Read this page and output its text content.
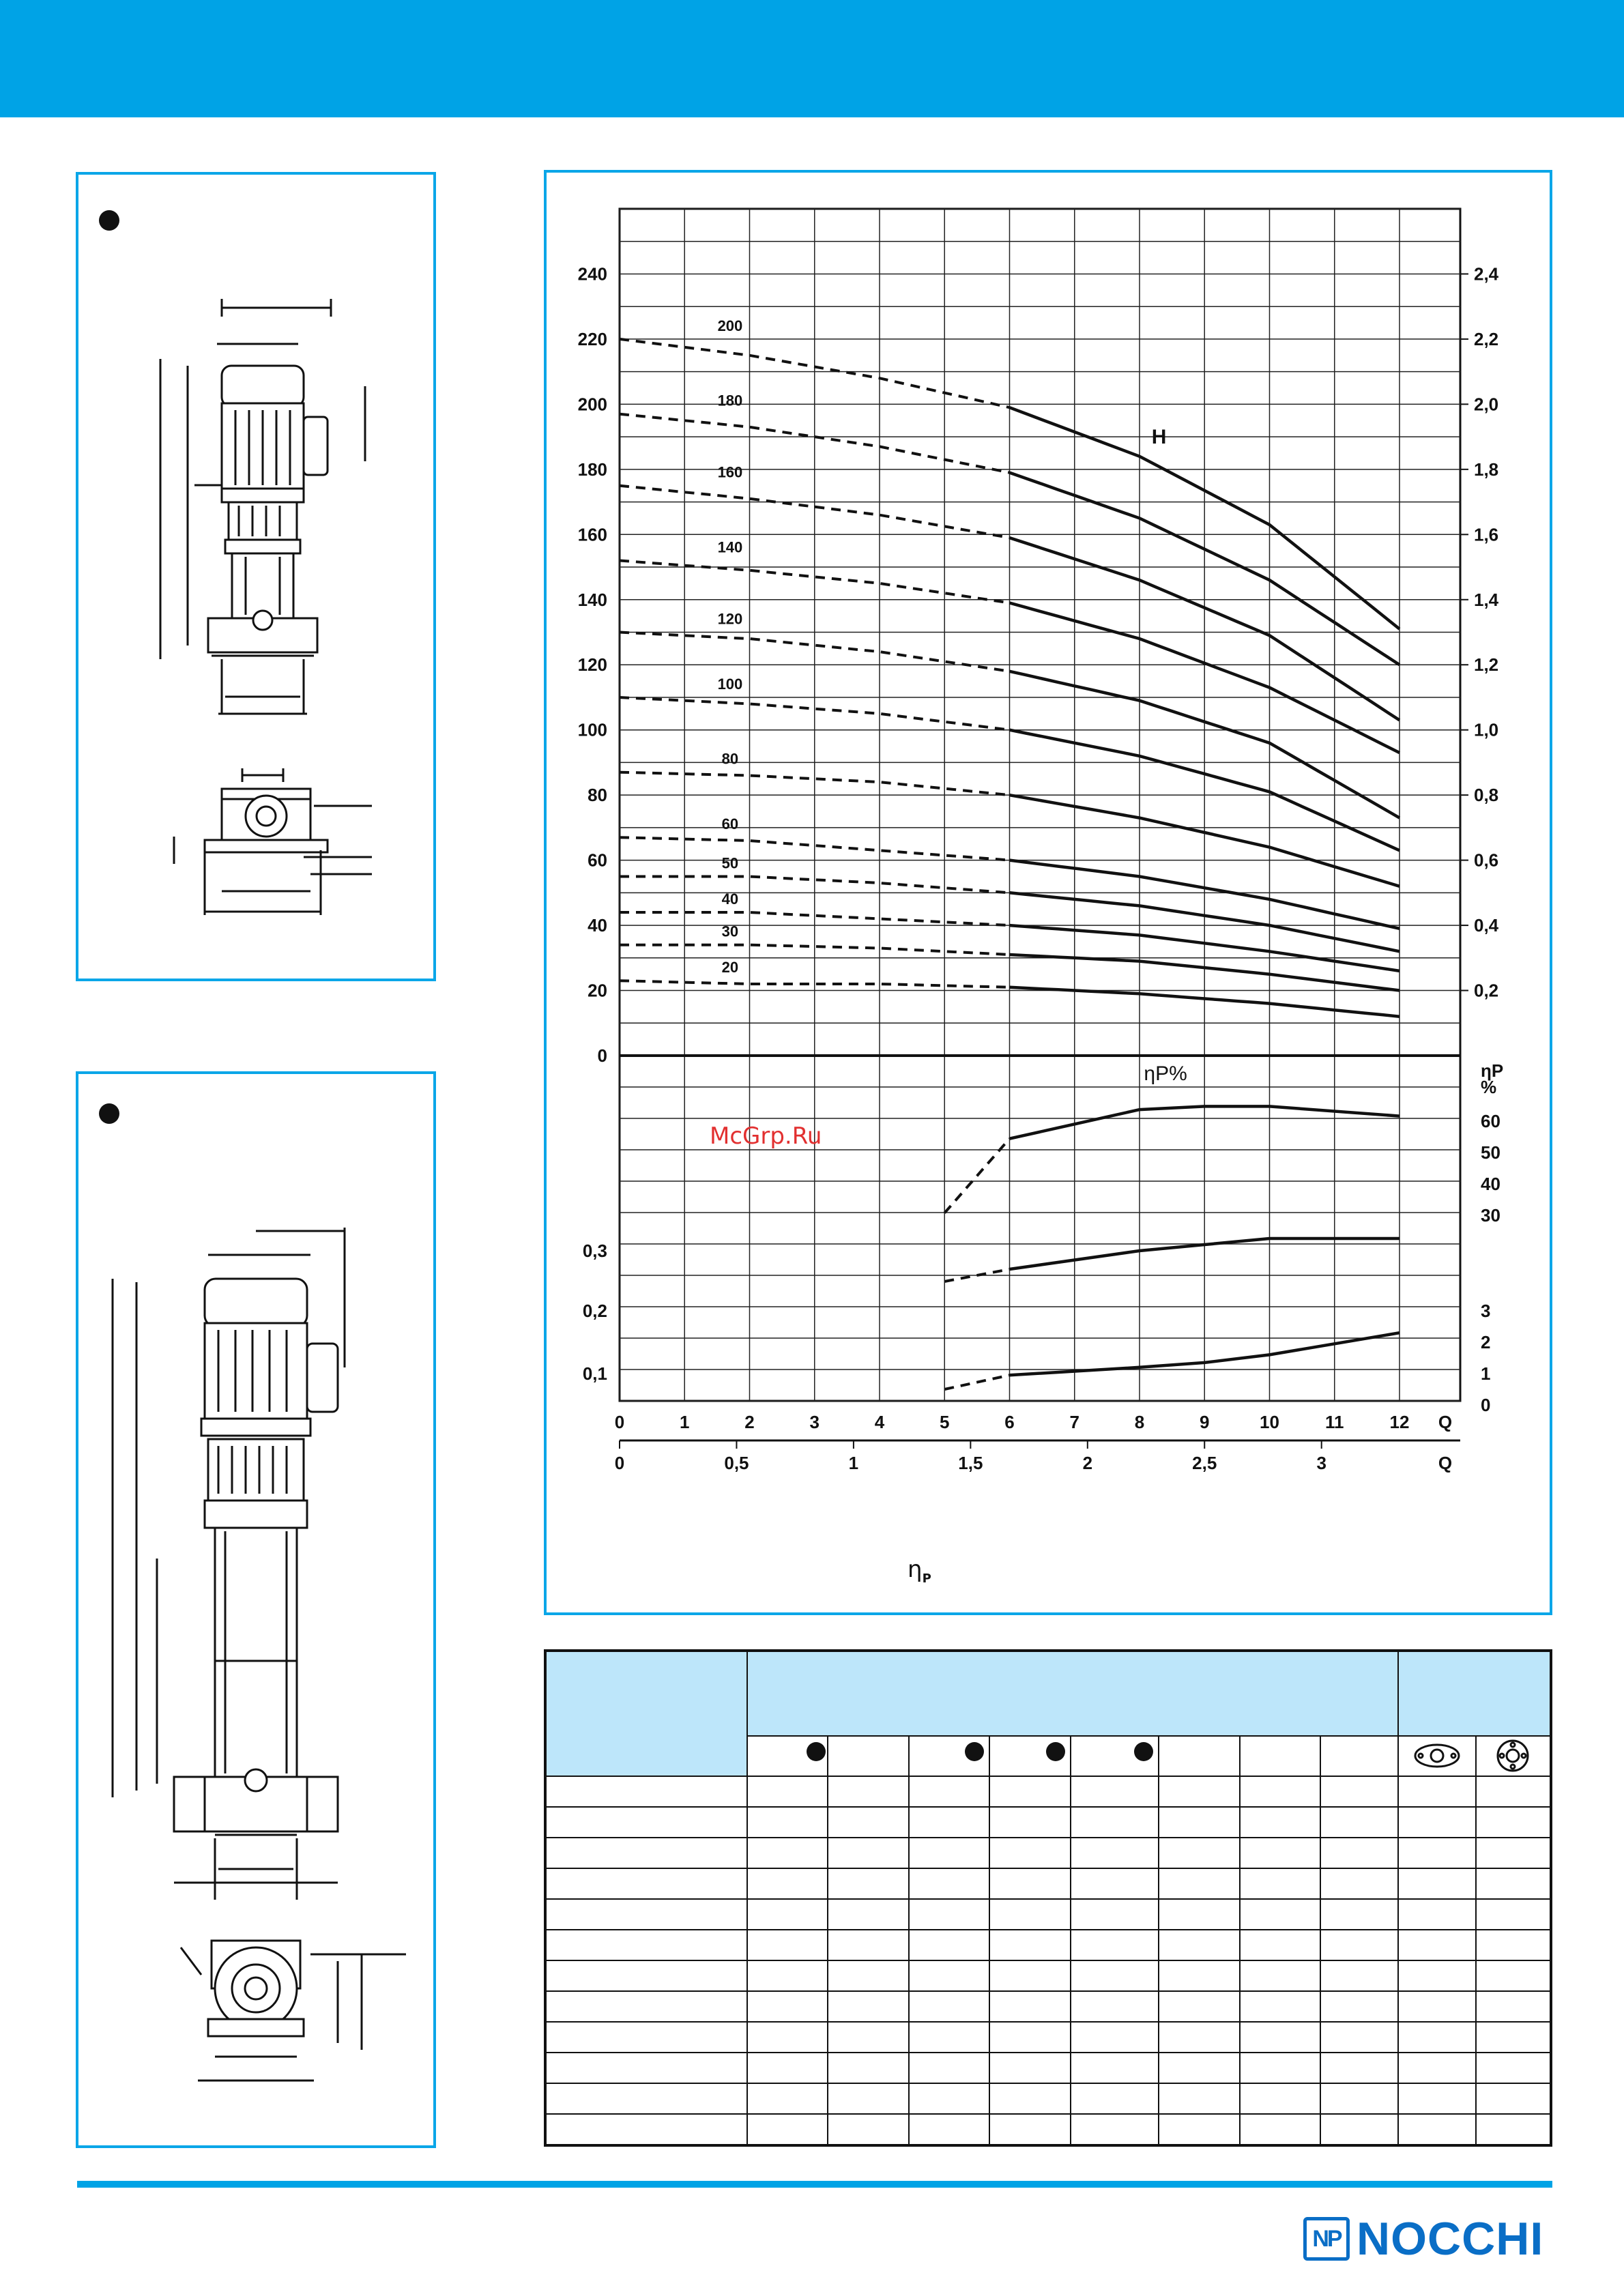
240
220
200
180
160
140
120
100
80
60
40
20
0
2,4
2,2
2,0
1,8
1,6
1,4
1,2
1,0
0,8
0,6
0,4
0,2
0,3
0,2
0,1
ηP
%
60
50
40
30
3
2
1
0
0	1	2	3	4	5	6	7	8	9	10	11	12 Q
0	0,5	1	1,5	2	2,5	3	Q
200
180
160
140
120
100
80
60
50
40
30
20
H
ηP%
McGrp.Ru
$\eta_P$
NP NOCCHI
